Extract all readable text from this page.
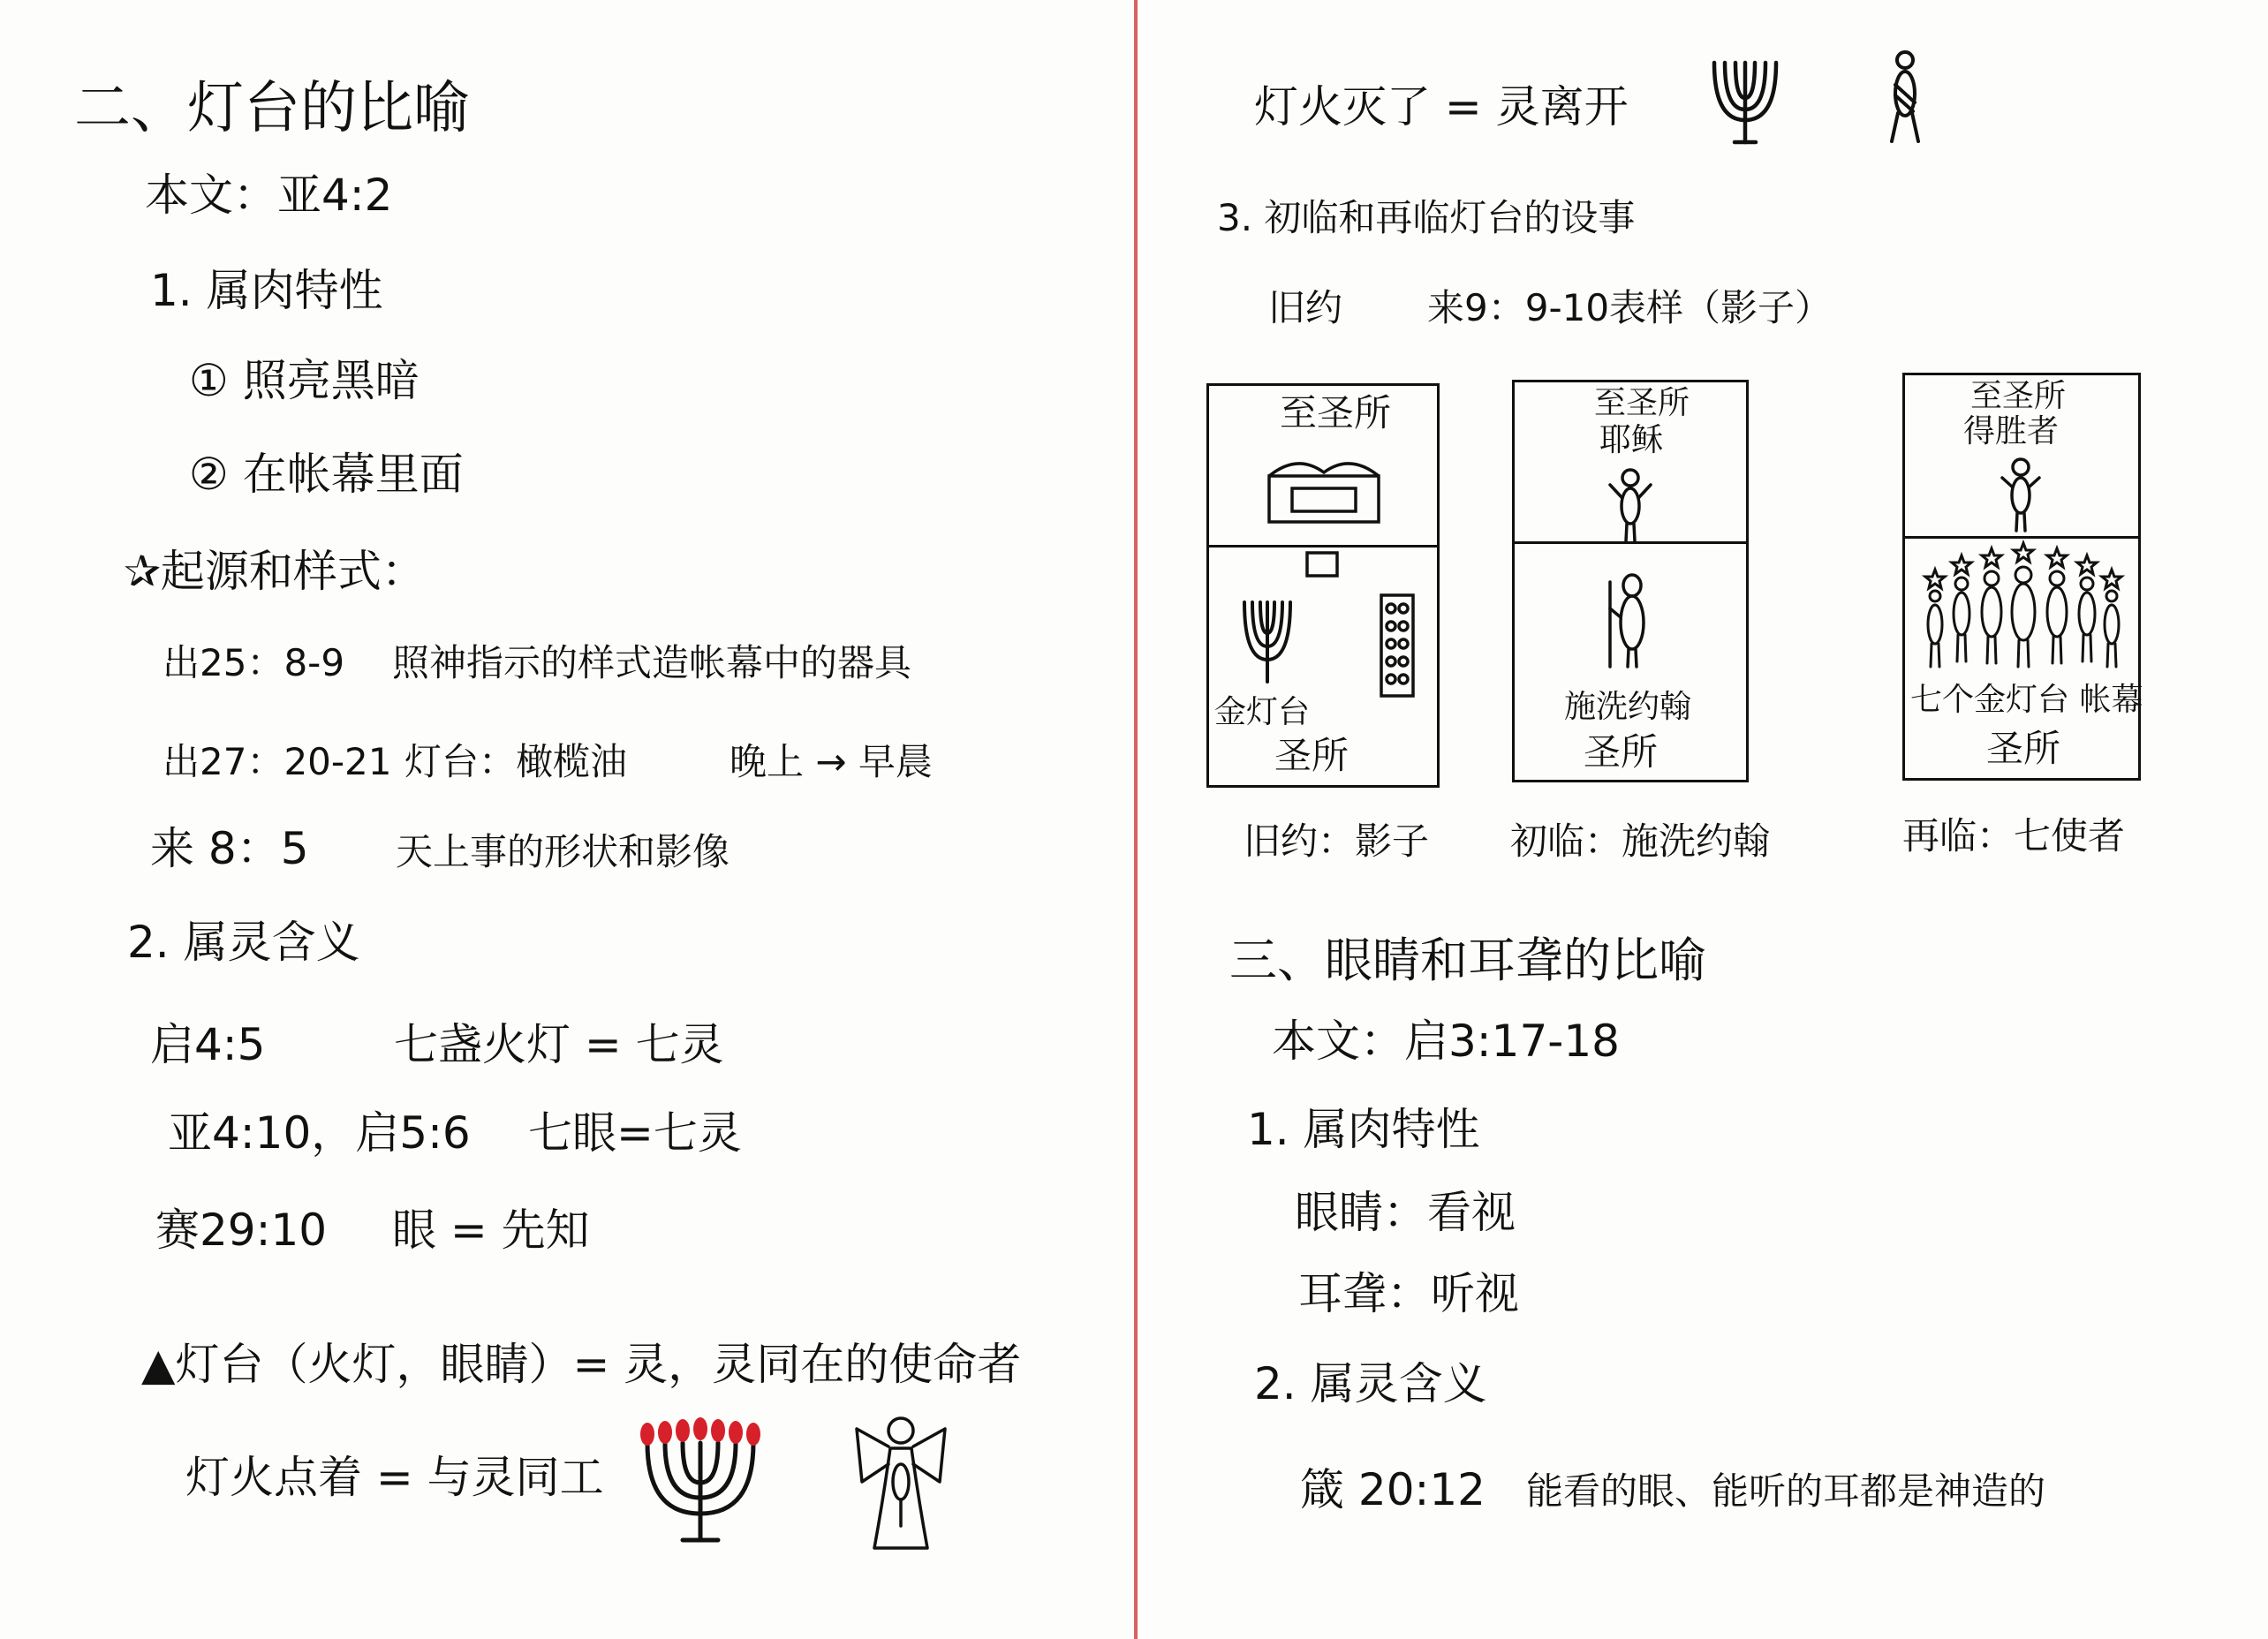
二、灯台的比喻
本文：亚4:2
1. 属肉特性
① 照亮黑暗
② 在帐幕里面
✰起源和样式：
出25：8-9 照神指示的样式造帐幕中的器具
出27：20-21 灯台：橄榄油	晚上 → 早晨
来 8：5 天上事的形状和影像
2. 属灵含义
启4:5	七盏火灯 = 七灵
亚4:10，启5:6 七眼=七灵
赛29:10 眼 = 先知
▲灯台（火灯，眼睛）= 灵，灵同在的使命者
灯火点着 = 与灵同工
灯火灭了 = 灵离开
3. 初临和再临灯台的设事
旧约 来9：9-10 表样（影子）
至圣所
金灯台
圣所
至圣所
耶稣
施洗约翰
圣所
至圣所
得胜者
七个金灯台 帐幕
圣所
旧约：影子 初临：施洗约翰	再临：七使者
三、眼睛和耳聋的比喻
本文：启3:17-18
1. 属肉特性
眼睛：看视
耳聋：听视
2. 属灵含义
箴 20:12 能看的眼、能听的耳都是神造的
